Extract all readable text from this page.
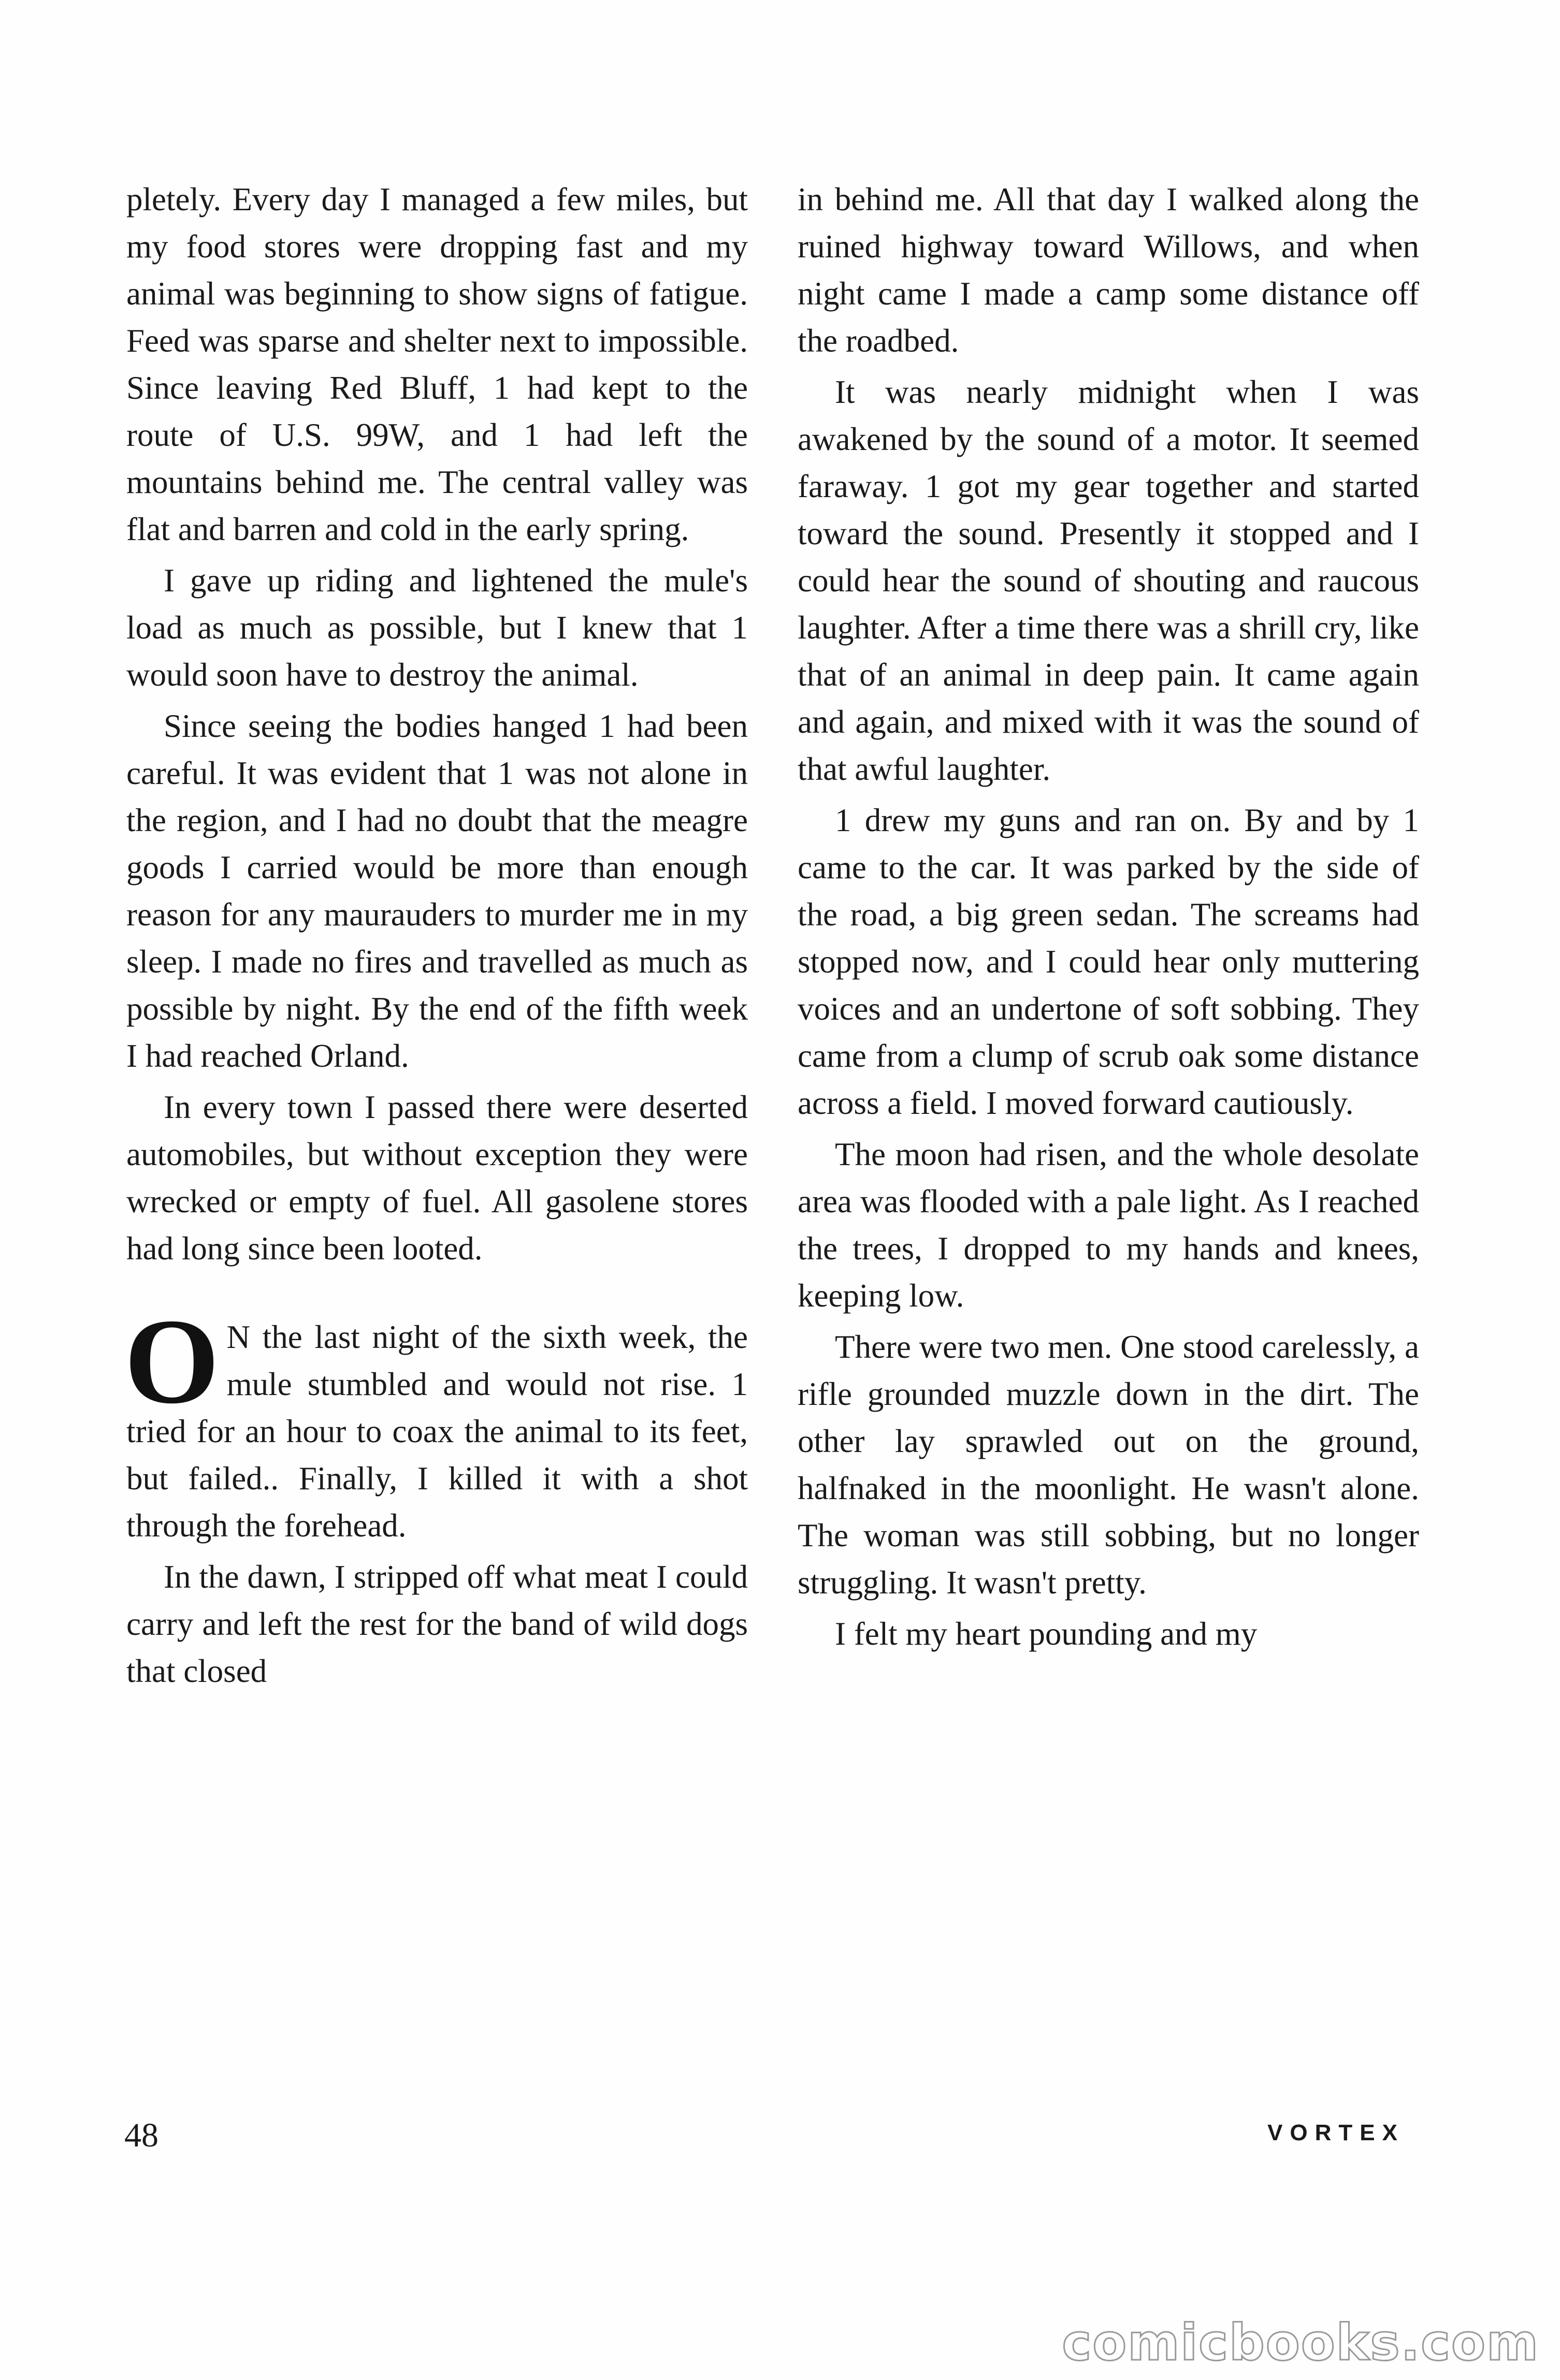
pletely. Every day I managed a few miles, but my food stores were dropping fast and my animal was beginning to show signs of fatigue. Feed was sparse and shelter next to impossible. Since leaving Red Bluff, 1 had kept to the route of U.S. 99W, and 1 had left the mountains behind me. The central valley was flat and barren and cold in the early spring.

I gave up riding and lightened the mule's load as much as possible, but I knew that 1 would soon have to destroy the animal.

Since seeing the bodies hanged 1 had been careful. It was evident that 1 was not alone in the region, and I had no doubt that the meagre goods I carried would be more than enough reason for any maurauders to murder me in my sleep. I made no fires and travelled as much as possible by night. By the end of the fifth week I had reached Orland.

In every town I passed there were deserted automobiles, but without exception they were wrecked or empty of fuel. All gasolene stores had long since been looted.

O N the last night of the sixth week, the mule stumbled and would not rise. 1 tried for an hour to coax the animal to its feet, but failed.. Finally, I killed it with a shot through the forehead.

In the dawn, I stripped off what meat I could carry and left the rest for the band of wild dogs that closed

in behind me. All that day I walked along the ruined highway toward Willows, and when night came I made a camp some distance off the roadbed.

It was nearly midnight when I was awakened by the sound of a motor. It seemed faraway. 1 got my gear together and started toward the sound. Presently it stopped and I could hear the sound of shouting and raucous laughter. After a time there was a shrill cry, like that of an animal in deep pain. It came again and again, and mixed with it was the sound of that awful laughter.

1 drew my guns and ran on. By and by 1 came to the car. It was parked by the side of the road, a big green sedan. The screams had stopped now, and I could hear only muttering voices and an undertone of soft sobbing. They came from a clump of scrub oak some distance across a field. I moved forward cautiously.

The moon had risen, and the whole desolate area was flooded with a pale light. As I reached the trees, I dropped to my hands and knees, keeping low.

There were two men. One stood carelessly, a rifle grounded muzzle down in the dirt. The other lay sprawled out on the ground, halfnaked in the moonlight. He wasn't alone. The woman was still sobbing, but no longer struggling. It wasn't pretty.

I felt my heart pounding and my

48	VORTEX
comicbooks.com
